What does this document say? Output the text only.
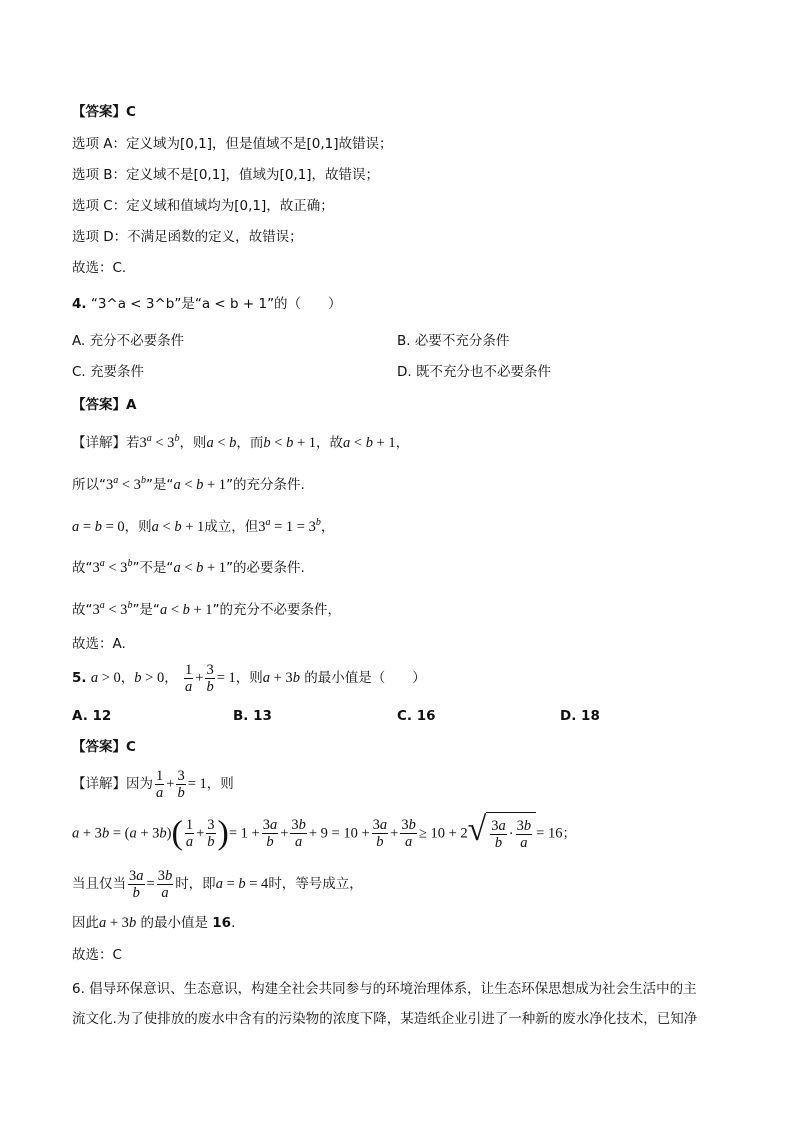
【答案】C
选项 A：定义域为[0,1]，但是值域不是[0,1]故错误；
选项 B：定义域不是[0,1]，值域为[0,1]，故错误；
选项 C：定义域和值域均为[0,1]，故正确；
选项 D：不满足函数的定义，故错误；
故选：C.
4. “3^a < 3^b”是“a < b + 1”的（　　）
A. 充分不必要条件	B. 必要不充分条件
C. 充要条件	D. 既不充分也不必要条件
【答案】A
【详解】若$3^a < 3^b$，则a < b，而b < b + 1，故a < b + 1，
所以“$3^a < 3^b$”是“a < b + 1”的充分条件.
a = b = 0，则a < b + 1成立，但$3^a = 1 = 3^b$，
故“$3^a < 3^b$”不是“a < b + 1”的必要条件.
故“$3^a < 3^b$”是“a < b + 1”的充分不必要条件，
故选：A.
5. a > 0，b > 0， $\frac{1}{a} + \frac{3}{b} = 1$，则a + 3b 的最小值是（　　）
A. 12	B. 13	C. 16	D. 18
【答案】C
【详解】因为 $\frac{1}{a} + \frac{3}{b} = 1$，则
$a + 3b = (a + 3b)( \frac{1}{a} + \frac{3}{b}$ )= $1 + \frac{3a}{b} + \frac{3b}{a} + 9 = 10 + \frac{3a}{b} + \frac{3b}{a} \ge 10 + 2$ √ $\frac{3a}{b} \cdot \frac{3b}{a} = 16$；
当且仅当 $\frac{3a}{b} = \frac{3b}{a}$ 时，即a = b = 4时，等号成立，
因此a + 3b 的最小值是 16.
故选：C
6. 倡导环保意识、生态意识，构建全社会共同参与的环境治理体系，让生态环保思想成为社会生活中的主
流文化.为了使排放的废水中含有的污染物的浓度下降，某造纸企业引进了一种新的废水净化技术，已知净
